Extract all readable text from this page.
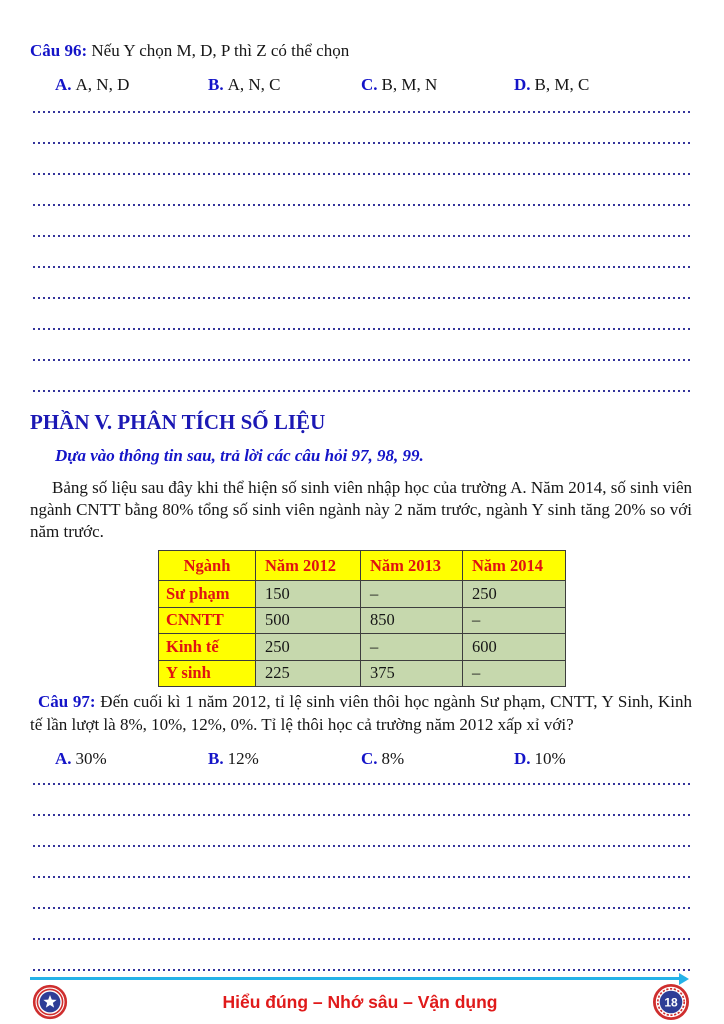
Câu 96: Nếu Y chọn M, D, P thì Z có thể chọn
A. A, N, D	B. A, N, C	C. B, M, N	D. B, M, C
PHẦN V. PHÂN TÍCH SỐ LIỆU
Dựa vào thông tin sau, trả lời các câu hỏi 97, 98, 99.

Bảng số liệu sau đây khi thể hiện số sinh viên nhập học của trường A. Năm 2014, số sinh viên ngành CNTT bằng 80% tổng số sinh viên ngành này 2 năm trước, ngành Y sinh tăng 20% so với năm trước.

Ngành	Năm 2012	Năm 2013	Năm 2014
Sư phạm	150	–	250
CNNTT	500	850	–
Kinh tế	250	–	600
Y sinh	225	375	–

Câu 97: Đến cuối kì 1 năm 2012, tỉ lệ sinh viên thôi học ngành Sư phạm, CNTT, Y Sinh, Kinh tế lần lượt là 8%, 10%, 12%, 0%. Tỉ lệ thôi học cả trường năm 2012 xấp xỉ với?

A. 30%	B. 12%	C. 8%	D. 10%
Hiểu đúng – Nhớ sâu – Vận dụng	18
